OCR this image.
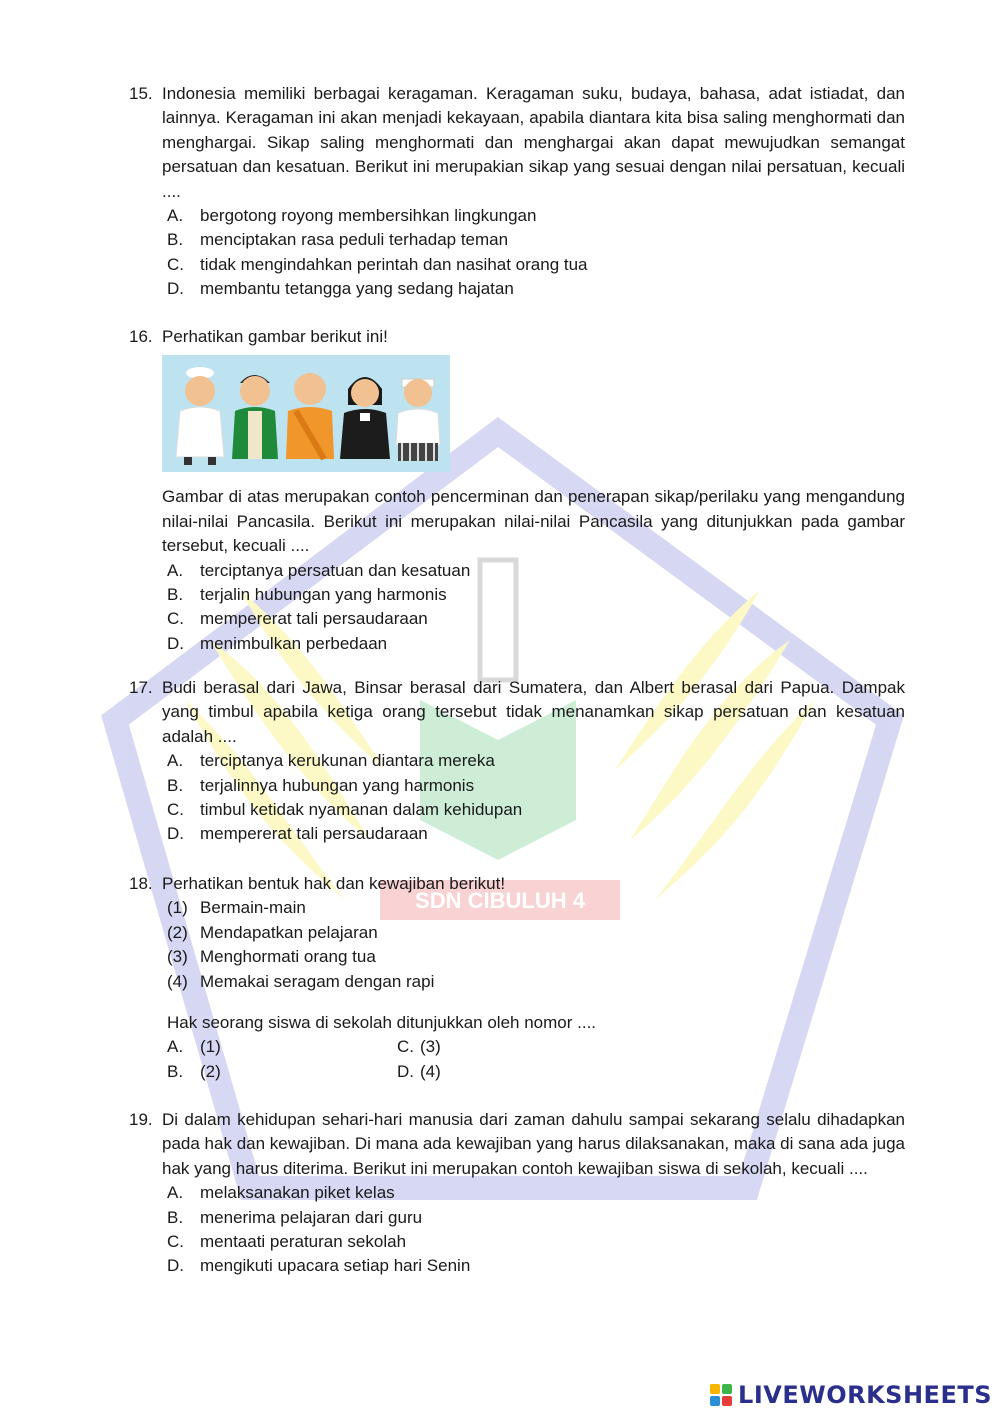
SDN CIBULUH 4
15. Indonesia memiliki berbagai keragaman. Keragaman suku, budaya, bahasa, adat istiadat, dan lainnya. Keragaman ini akan menjadi kekayaan, apabila diantara kita bisa saling menghormati dan menghargai. Sikap saling menghormati dan menghargai akan dapat mewujudkan semangat persatuan dan kesatuan. Berikut ini merupakian sikap yang sesuai dengan nilai persatuan, kecuali ....
A. bergotong royong membersihkan lingkungan
B. menciptakan rasa peduli terhadap teman
C. tidak mengindahkan perintah dan nasihat orang tua
D. membantu tetangga yang sedang hajatan
16. Perhatikan gambar berikut ini!
Gambar di atas merupakan contoh pencerminan dan penerapan sikap/perilaku yang mengandung nilai-nilai Pancasila. Berikut ini merupakan nilai-nilai Pancasila yang ditunjukkan pada gambar tersebut, kecuali ....
A. terciptanya persatuan dan kesatuan
B. terjalin hubungan yang harmonis
C. mempererat tali persaudaraan
D. menimbulkan perbedaan
17. Budi berasal dari Jawa, Binsar berasal dari Sumatera, dan Albert berasal dari Papua. Dampak yang timbul apabila ketiga orang tersebut tidak menanamkan sikap persatuan dan kesatuan adalah ....
A. terciptanya kerukunan diantara mereka
B. terjalinnya hubungan yang harmonis
C. timbul ketidak nyamanan dalam kehidupan
D. mempererat tali persaudaraan
18. Perhatikan bentuk hak dan kewajiban berikut!
(1) Bermain-main
(2) Mendapatkan pelajaran
(3) Menghormati orang tua
(4) Memakai seragam dengan rapi
Hak seorang siswa di sekolah ditunjukkan oleh nomor ....
A. (1)	C. (3)
B. (2)	D. (4)
19. Di dalam kehidupan sehari-hari manusia dari zaman dahulu sampai sekarang selalu dihadapkan pada hak dan kewajiban. Di mana ada kewajiban yang harus dilaksanakan, maka di sana ada juga hak yang harus diterima. Berikut ini merupakan contoh kewajiban siswa di sekolah, kecuali ....
A. melaksanakan piket kelas
B. menerima pelajaran dari guru
C. mentaati peraturan sekolah
D. mengikuti upacara setiap hari Senin
LIVEWORKSHEETS
